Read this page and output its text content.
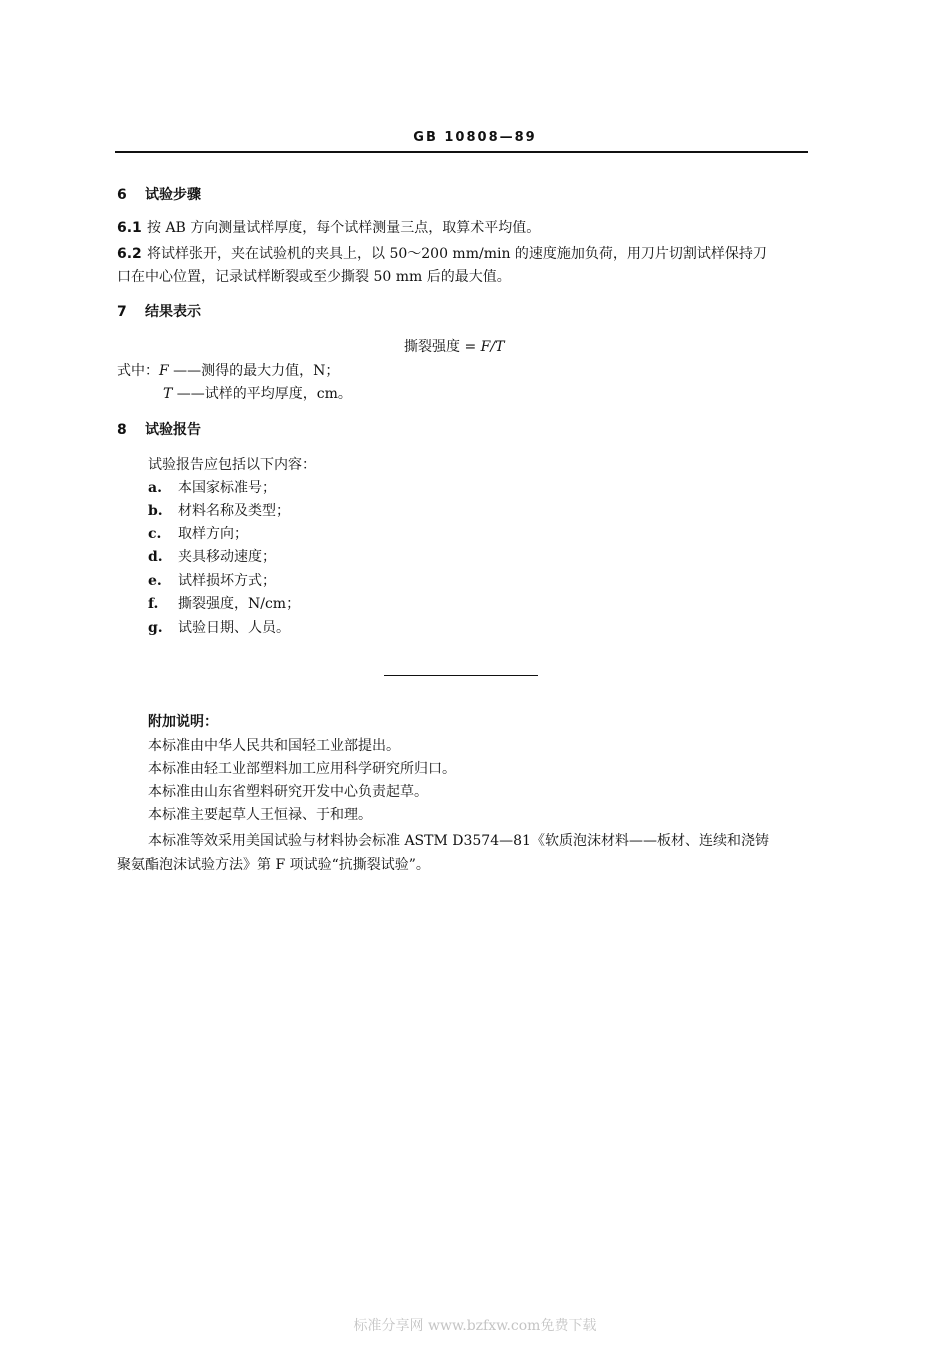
GB 10808—89
6 试验步骤
6.1 按 AB 方向测量试样厚度，每个试样测量三点，取算术平均值。
6.2 将试样张开，夹在试验机的夹具上，以 50～200 mm/min 的速度施加负荷，用刀片切割试样保持刀
口在中心位置，记录试样断裂或至少撕裂 50 mm 后的最大值。
7 结果表示
撕裂强度 = F/T
式中：F ——测得的最大力值，N；
T ——试样的平均厚度，cm。
8 试验报告
试验报告应包括以下内容：
a. 本国家标准号；
b. 材料名称及类型；
c. 取样方向；
d. 夹具移动速度；
e. 试样损坏方式；
f. 撕裂强度，N/cm；
g. 试验日期、人员。
附加说明：
本标准由中华人民共和国轻工业部提出。
本标准由轻工业部塑料加工应用科学研究所归口。
本标准由山东省塑料研究开发中心负责起草。
本标准主要起草人王恒禄、于和理。
本标准等效采用美国试验与材料协会标准 ASTM D3574—81《软质泡沫材料——板材、连续和浇铸
聚氨酯泡沫试验方法》第 F 项试验“抗撕裂试验”。
标准分享网 www.bzfxw.com免费下载
